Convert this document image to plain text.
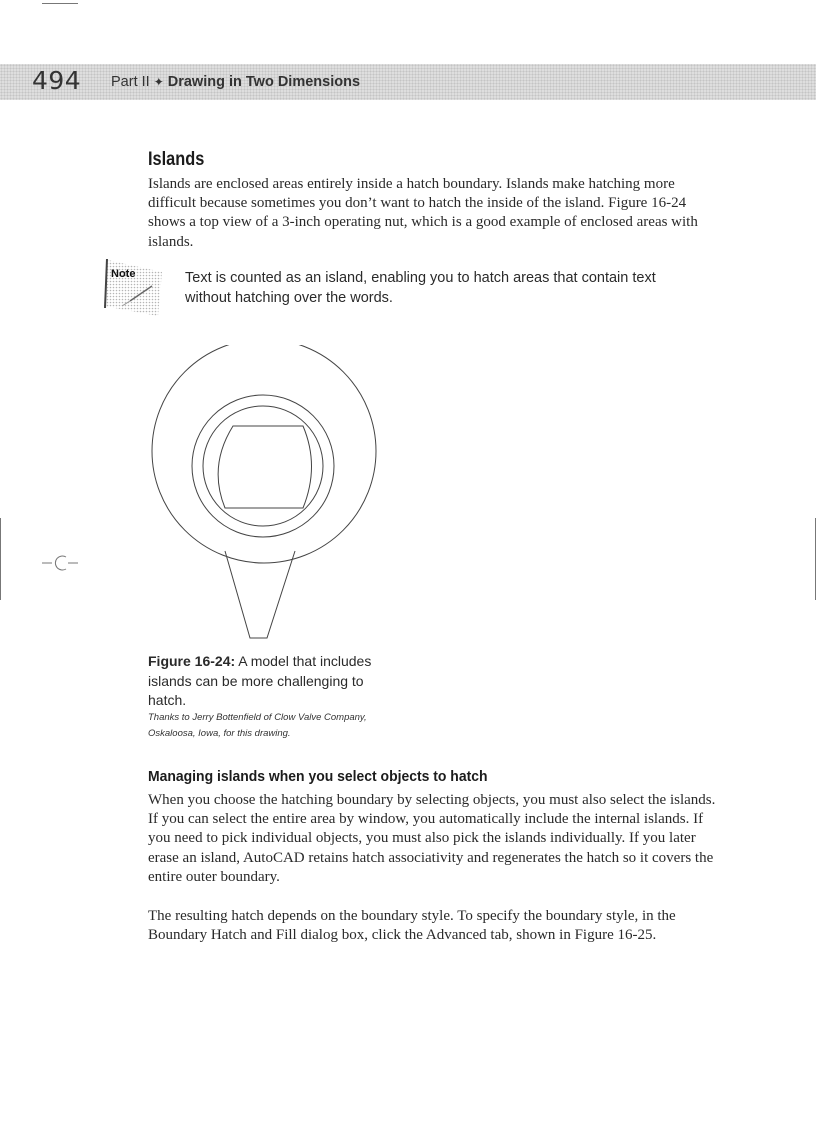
494 Part II ✦ Drawing in Two Dimensions
Islands

Islands are enclosed areas entirely inside a hatch boundary. Islands make hatching more difficult because sometimes you don’t want to hatch the inside of the island. Figure 16-24 shows a top view of a 3-inch operating nut, which is a good example of enclosed areas with islands.

Note	Text is counted as an island, enabling you to hatch areas that contain text without hatching over the words.

Figure 16-24: A model that includes islands can be more challenging to hatch.

Thanks to Jerry Bottenfield of Clow Valve Company, Oskaloosa, Iowa, for this drawing.

Managing islands when you select objects to hatch

When you choose the hatching boundary by selecting objects, you must also select the islands. If you can select the entire area by window, you automatically include the internal islands. If you need to pick individual objects, you must also pick the islands individually. If you later erase an island, AutoCAD retains hatch associativity and regenerates the hatch so it covers the entire outer boundary.

The resulting hatch depends on the boundary style. To specify the boundary style, in the Boundary Hatch and Fill dialog box, click the Advanced tab, shown in Figure 16-25.
